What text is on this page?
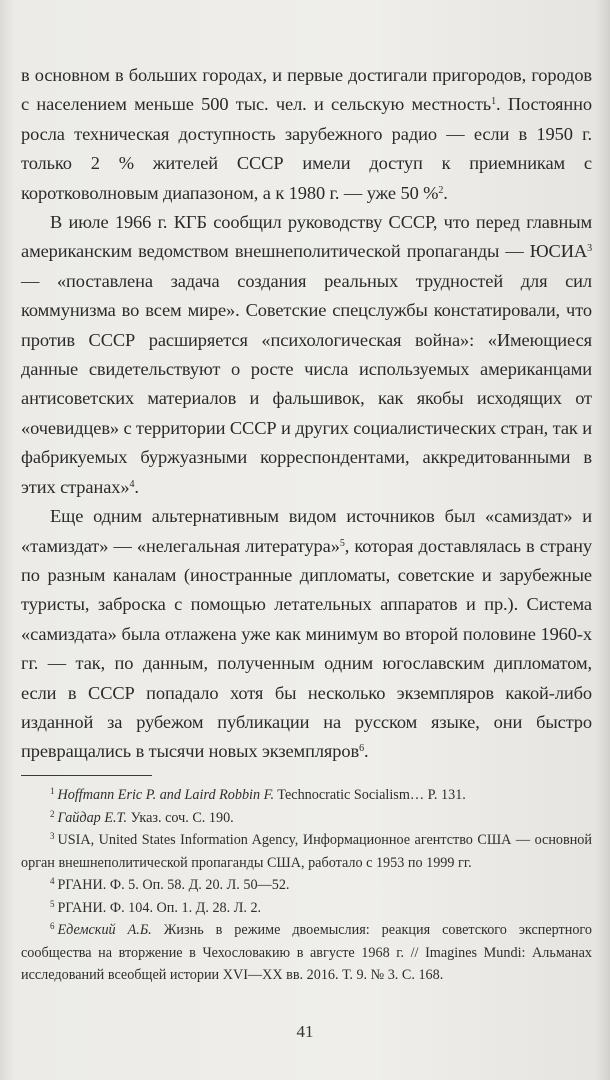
в основном в больших городах, и первые достигали пригородов, городов с населением меньше 500 тыс. чел. и сельскую местность$^1$. Постоянно росла техническая доступность зарубежного радио — если в 1950 г. только 2 % жителей СССР имели доступ к приемникам с коротковолновым диапазоном, а к 1980 г. — уже 50 %$^2$.

В июле 1966 г. КГБ сообщил руководству СССР, что перед главным американским ведомством внешнеполитической пропаганды — ЮСИА$^3$ — «поставлена задача создания реальных трудностей для сил коммунизма во всем мире». Советские спецслужбы констатировали, что против СССР расширяется «психологическая война»: «Имеющиеся данные свидетельствуют о росте числа используемых американцами антисоветских материалов и фальшивок, как якобы исходящих от «очевидцев» с территории СССР и других социалистических стран, так и фабрикуемых буржуазными корреспондентами, аккредитованными в этих странах»$^4$.

Еще одним альтернативным видом источников был «самиздат» и «тамиздат» — «нелегальная литература»$^5$, которая доставлялась в страну по разным каналам (иностранные дипломаты, советские и зарубежные туристы, заброска с помощью летательных аппаратов и пр.). Система «самиздата» была отлажена уже как минимум во второй половине 1960-х гг. — так, по данным, полученным одним югославским дипломатом, если в СССР попадало хотя бы несколько экземпляров какой-либо изданной за рубежом публикации на русском языке, они быстро превращались в тысячи новых экземпляров$^6$.

$^1$ Hoffmann Eric P. and Laird Robbin F. Technocratic Socialism… P. 131.

$^2$ Гайдар Е.Т. Указ. соч. С. 190.

$^3$ USIA, United States Information Agency, Информационное агентство США — основной орган внешнеполитической пропаганды США, работало с 1953 по 1999 гг.

$^4$ РГАНИ. Ф. 5. Оп. 58. Д. 20. Л. 50—52.

$^5$ РГАНИ. Ф. 104. Оп. 1. Д. 28. Л. 2.

$^6$ Едемский А.Б. Жизнь в режиме двоемыслия: реакция советского экспертного сообщества на вторжение в Чехословакию в августе 1968 г. // Imagines Mundi: Альманах исследований всеобщей истории XVI—XX вв. 2016. Т. 9. № 3. С. 168.

41
